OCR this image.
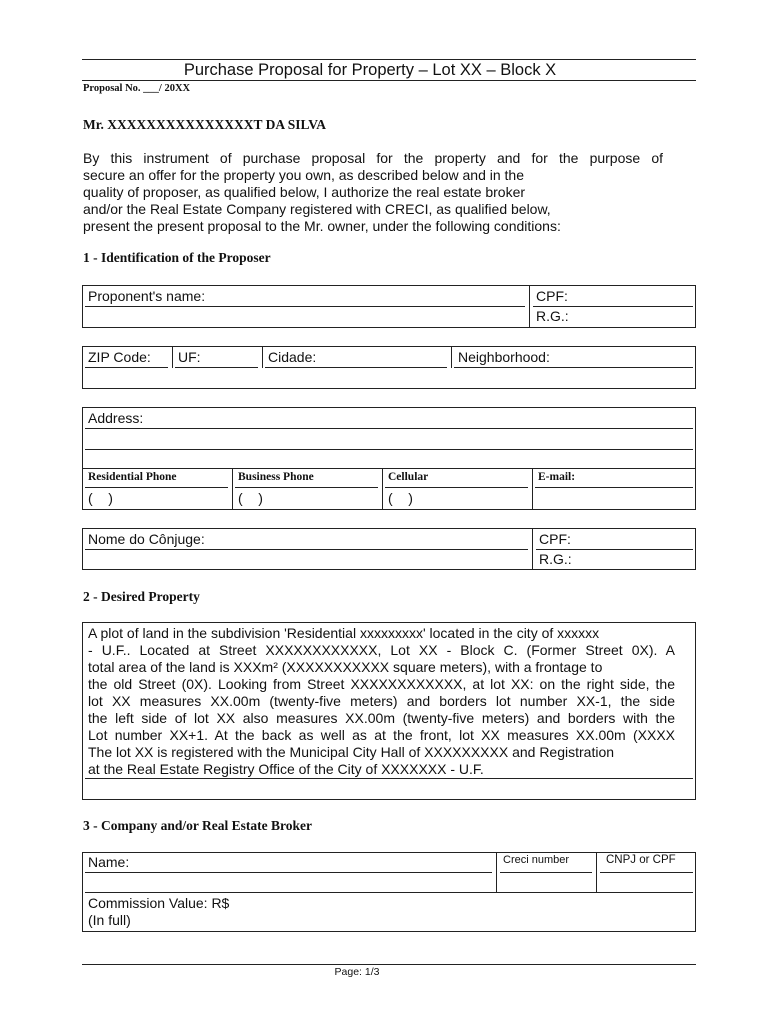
Purchase Proposal for Property – Lot XX – Block X
Proposal No. ___/ 20XX
Mr. XXXXXXXXXXXXXXXT DA SILVA
By this instrument of purchase proposal for the property and for the purpose of
secure an offer for the property you own, as described below and in the
quality of proposer, as qualified below, I authorize the real estate broker
and/or the Real Estate Company registered with CRECI, as qualified below,
present the present proposal to the Mr. owner, under the following conditions:
1 - Identification of the Proposer
Proponent's name:	CPF:
R.G.:
ZIP Code: UF:	Cidade:	Neighborhood:
Address:
Residential Phone	Business Phone	Cellular	E-mail:
(    )	(    )	(    )
Nome do Cônjuge:	CPF:
R.G.:
2 - Desired Property
A plot of land in the subdivision 'Residential xxxxxxxxx' located in the city of xxxxxx
- U.F.. Located at Street XXXXXXXXXXXX, Lot XX - Block C. (Former Street 0X). A
total area of the land is XXXm² (XXXXXXXXXXX square meters), with a frontage to
the old Street (0X). Looking from Street XXXXXXXXXXXX, at lot XX: on the right side, the
lot XX measures XX.00m (twenty-five meters) and borders lot number XX-1, the side
the left side of lot XX also measures XX.00m (twenty-five meters) and borders with the
Lot number XX+1. At the back as well as at the front, lot XX measures XX.00m (XXXX
The lot XX is registered with the Municipal City Hall of XXXXXXXXX and Registration
at the Real Estate Registry Office of the City of XXXXXXX - U.F.
3 - Company and/or Real Estate Broker
Name:	Creci number	CNPJ or CPF
Commission Value: R$
(In full)
Page: 1/3
